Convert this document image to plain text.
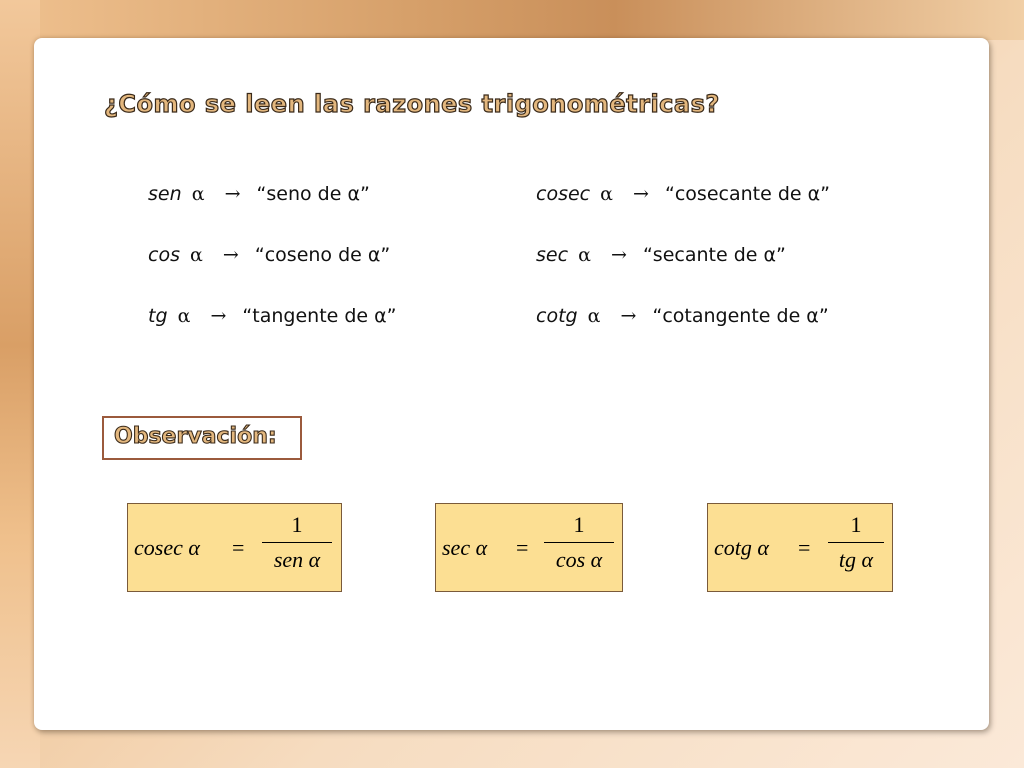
¿Cómo se leen las razones trigonométricas?
sen α → “seno de α”
cos α → “coseno de α”
tg α → “tangente de α”
cosec α → “cosecante de α”
sec α → “secante de α”
cotg α → “cotangente de α”
Observación:
cosec α =
1
sen α	sec α =
1
cos α	cotg α =
1
tg α
